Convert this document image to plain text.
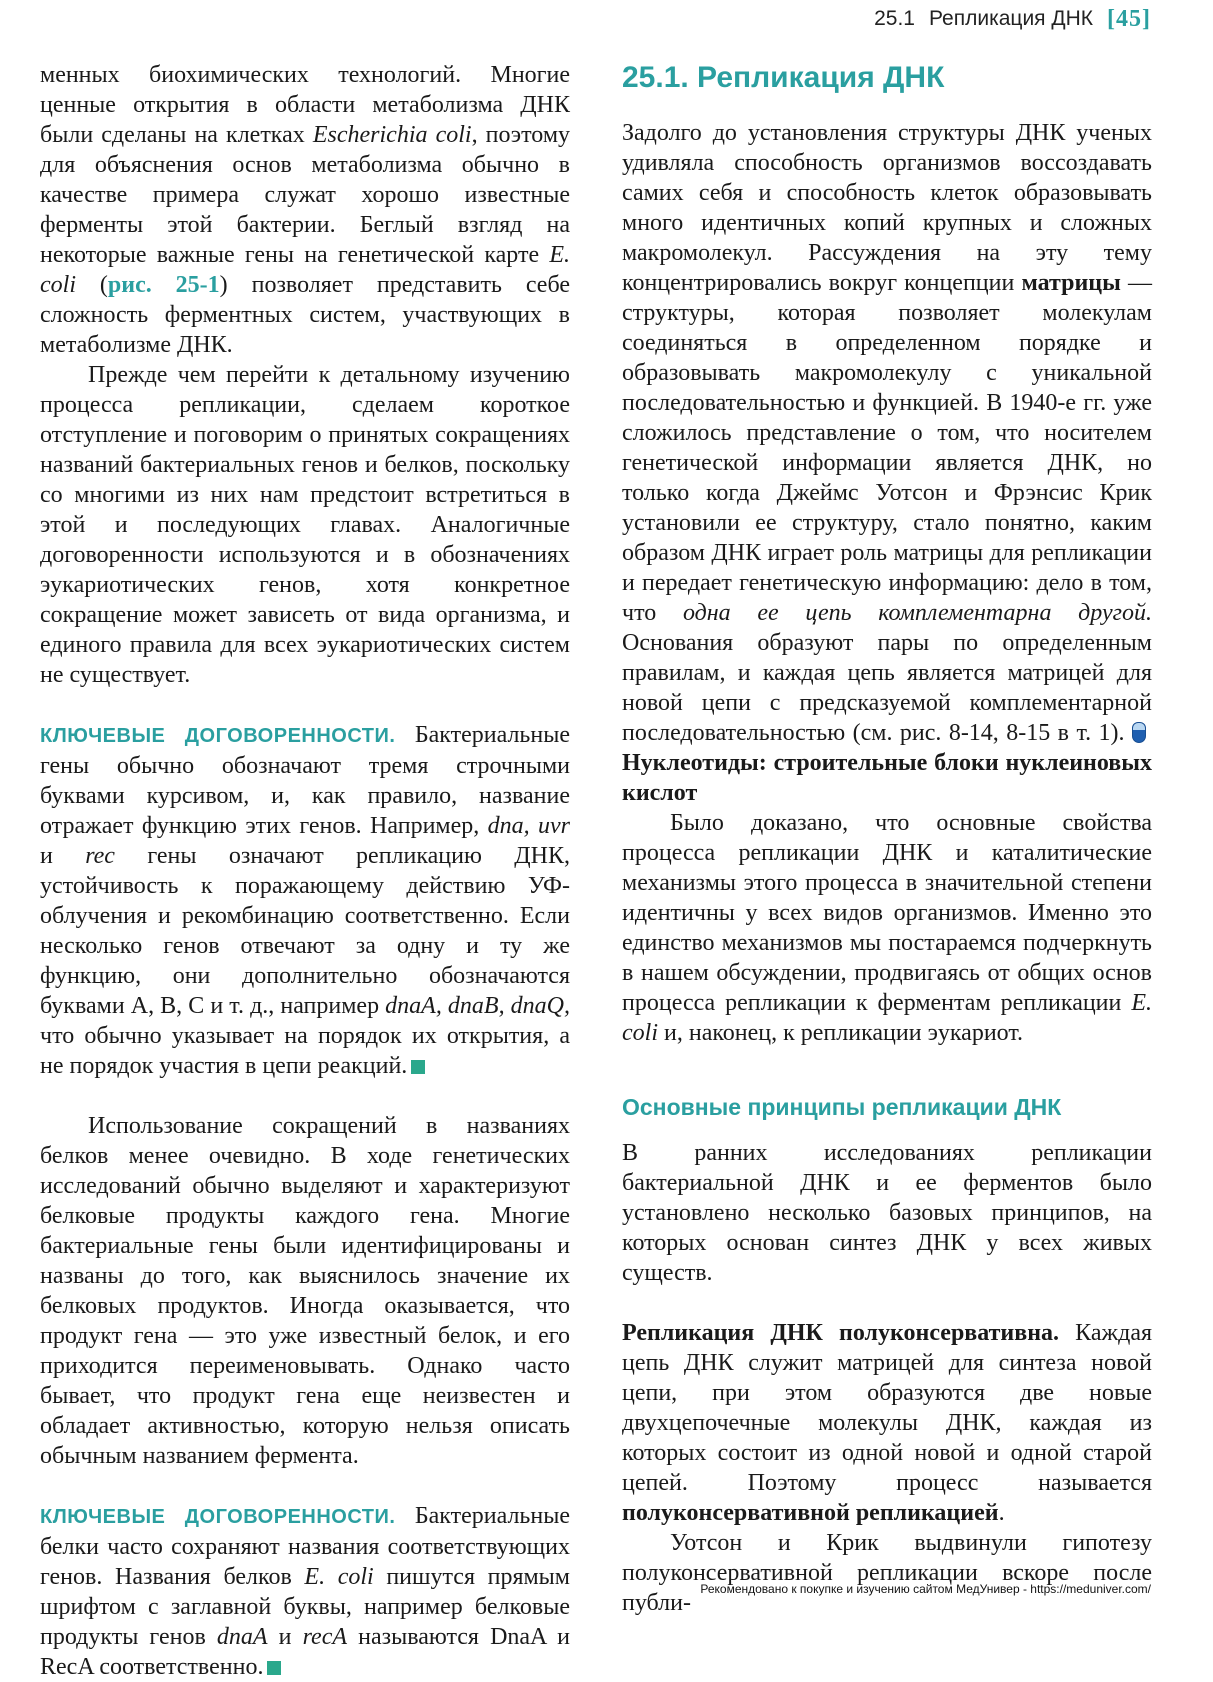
25.1 Репликация ДНК [45]

менных биохимических технологий. Многие ценные открытия в области метаболизма ДНК были сделаны на клетках Escherichia coli, поэтому для объяснения основ метаболизма обычно в качестве примера служат хорошо известные ферменты этой бактерии. Беглый взгляд на некоторые важные гены на генетической карте E. coli (рис. 25-1) позволяет представить себе сложность ферментных систем, участвующих в метаболизме ДНК.

Прежде чем перейти к детальному изучению процесса репликации, сделаем короткое отступление и поговорим о принятых сокращениях названий бактериальных генов и белков, поскольку со многими из них нам предстоит встретиться в этой и последующих главах. Аналогичные договоренности используются и в обозначениях эукариотических генов, хотя конкретное сокращение может зависеть от вида организма, и единого правила для всех эукариотических систем не существует.

КЛЮЧЕВЫЕ ДОГОВОРЕННОСТИ. Бактериальные гены обычно обозначают тремя строчными буквами курсивом, и, как правило, название отражает функцию этих генов. Например, dna, uvr и rec гены означают репликацию ДНК, устойчивость к поражающему действию УФ-облучения и рекомбинацию соответственно. Если несколько генов отвечают за одну и ту же функцию, они дополнительно обозначаются буквами A, B, C и т. д., например dnaA, dnaB, dnaQ, что обычно указывает на порядок их открытия, а не порядок участия в цепи реакций.

Использование сокращений в названиях белков менее очевидно. В ходе генетических исследований обычно выделяют и характеризуют белковые продукты каждого гена. Многие бактериальные гены были идентифицированы и названы до того, как выяснилось значение их белковых продуктов. Иногда оказывается, что продукт гена — это уже известный белок, и его приходится переименовывать. Однако часто бывает, что продукт гена еще неизвестен и обладает активностью, которую нельзя описать обычным названием фермента.

КЛЮЧЕВЫЕ ДОГОВОРЕННОСТИ. Бактериальные белки часто сохраняют названия соответствующих генов. Названия белков E. coli пишутся прямым шрифтом с заглавной буквы, например белковые продукты генов dnaA и recA называются DnaA и RecA соответственно.

25.1. Репликация ДНК

Задолго до установления структуры ДНК ученых удивляла способность организмов воссоздавать самих себя и способность клеток образовывать много идентичных копий крупных и сложных макромолекул. Рассуждения на эту тему концентрировались вокруг концепции матрицы — структуры, которая позволяет молекулам соединяться в определенном порядке и образовывать макромолекулу с уникальной последовательностью и функцией. В 1940-е гг. уже сложилось представление о том, что носителем генетической информации является ДНК, но только когда Джеймс Уотсон и Фрэнсис Крик установили ее структуру, стало понятно, каким образом ДНК играет роль матрицы для репликации и передает генетическую информацию: дело в том, что одна ее цепь комплементарна другой. Основания образуют пары по определенным правилам, и каждая цепь является матрицей для новой цепи с предсказуемой комплементарной последовательностью (см. рис. 8-14, 8-15 в т. 1). Нуклеотиды: строительные блоки нуклеиновых кислот

Было доказано, что основные свойства процесса репликации ДНК и каталитические механизмы этого процесса в значительной степени идентичны у всех видов организмов. Именно это единство механизмов мы постараемся подчеркнуть в нашем обсуждении, продвигаясь от общих основ процесса репликации к ферментам репликации E. coli и, наконец, к репликации эукариот.

Основные принципы репликации ДНК

В ранних исследованиях репликации бактериальной ДНК и ее ферментов было установлено несколько базовых принципов, на которых основан синтез ДНК у всех живых существ.

Репликация ДНК полуконсервативна. Каждая цепь ДНК служит матрицей для синтеза новой цепи, при этом образуются две новые двухцепочечные молекулы ДНК, каждая из которых состоит из одной новой и одной старой цепей. Поэтому процесс называется полуконсервативной репликацией.

Уотсон и Крик выдвинули гипотезу полуконсервативной репликации вскоре после публи-

Рекомендовано к покупке и изучению сайтом МедУнивер - https://meduniver.com/
